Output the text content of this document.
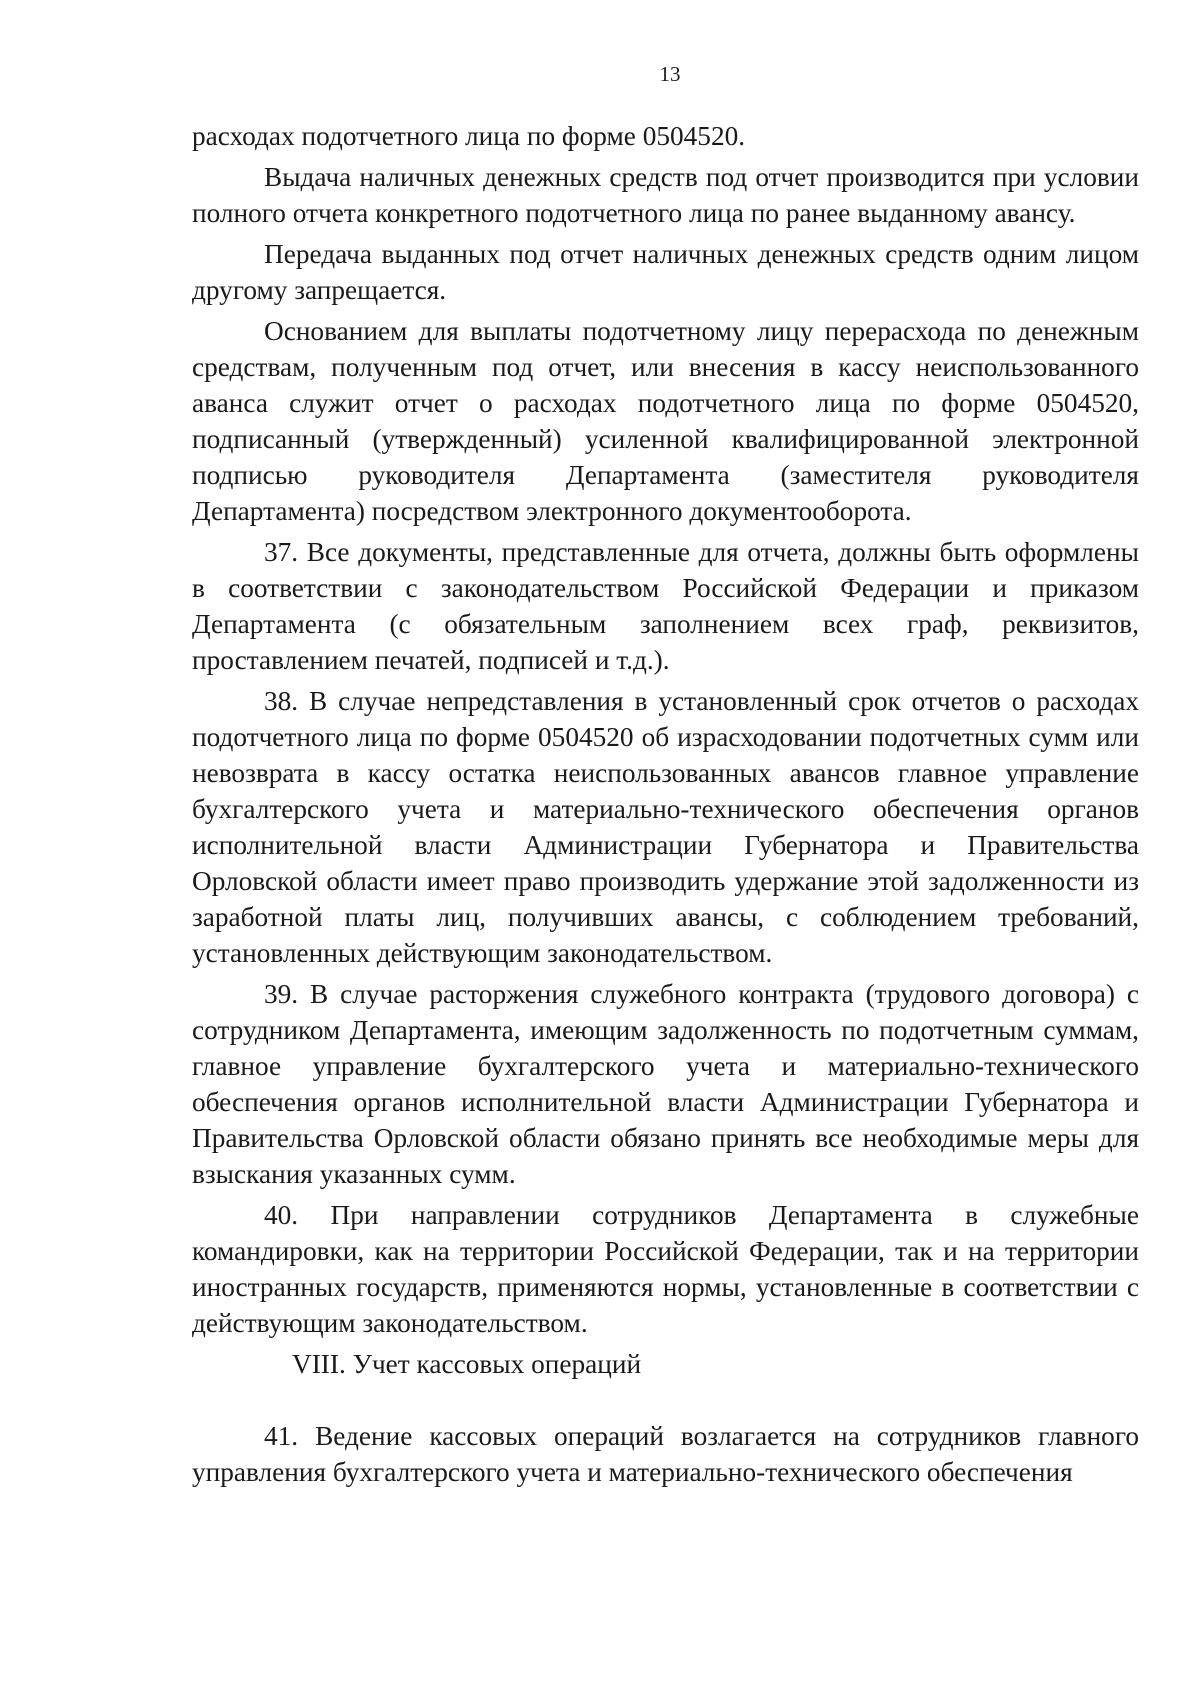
13

расходах подотчетного лица по форме 0504520.

Выдача наличных денежных средств под отчет производится при условии полного отчета конкретного подотчетного лица по ранее выданному авансу.

Передача выданных под отчет наличных денежных средств одним лицом другому запрещается.

Основанием для выплаты подотчетному лицу перерасхода по денежным средствам, полученным под отчет, или внесения в кассу неиспользованного аванса служит отчет о расходах подотчетного лица по форме 0504520, подписанный (утвержденный) усиленной квалифицированной электронной подписью руководителя Департамента (заместителя руководителя Департамента) посредством электронного документооборота.

37. Все документы, представленные для отчета, должны быть оформлены в соответствии с законодательством Российской Федерации и приказом Департамента (с обязательным заполнением всех граф, реквизитов, проставлением печатей, подписей и т.д.).

38. В случае непредставления в установленный срок отчетов о расходах подотчетного лица по форме 0504520 об израсходовании подотчетных сумм или невозврата в кассу остатка неиспользованных авансов главное управление бухгалтерского учета и материально-технического обеспечения органов исполнительной власти Администрации Губернатора и Правительства Орловской области имеет право производить удержание этой задолженности из заработной платы лиц, получивших авансы, с соблюдением требований, установленных действующим законодательством.

39. В случае расторжения служебного контракта (трудового договора) с сотрудником Департамента, имеющим задолженность по подотчетным суммам, главное управление бухгалтерского учета и материально-технического обеспечения органов исполнительной власти Администрации Губернатора и Правительства Орловской области обязано принять все необходимые меры для взыскания указанных сумм.

40. При направлении сотрудников Департамента в служебные командировки, как на территории Российской Федерации, так и на территории иностранных государств, применяются нормы, установленные в соответствии с действующим законодательством.

VIII. Учет кассовых операций

41. Ведение кассовых операций возлагается на сотрудников главного управления бухгалтерского учета и материально-технического обеспечения
